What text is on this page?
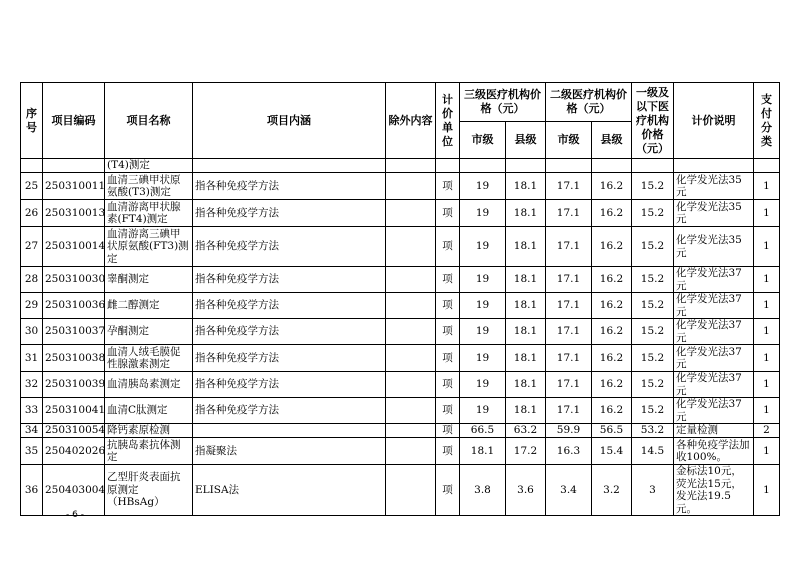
序号	项目编码	项目名称	项目内涵	除外内容	计价单位	三级医疗机构价格（元）		二级医疗机构价格（元）		一级及以下医疗机构价格（元）	计价说明	支付分类
						市级	县级	市级	县级			
		(T4)测定										
25	250310011	血清三碘甲状原氨酸(T3)测定	指各种免疫学方法		项	19	18.1	17.1	16.2	15.2	化学发光法35元	1
26	250310013	血清游离甲状腺素(FT4)测定	指各种免疫学方法		项	19	18.1	17.1	16.2	15.2	化学发光法35元	1
27	250310014	血清游离三碘甲状原氨酸(FT3)测定	指各种免疫学方法		项	19	18.1	17.1	16.2	15.2	化学发光法35元	1
28	250310030	睾酮测定	指各种免疫学方法		项	19	18.1	17.1	16.2	15.2	化学发光法37元	1
29	250310036	雌二醇测定	指各种免疫学方法		项	19	18.1	17.1	16.2	15.2	化学发光法37元	1
30	250310037	孕酮测定	指各种免疫学方法		项	19	18.1	17.1	16.2	15.2	化学发光法37元	1
31	250310038	血清人绒毛膜促性腺激素测定	指各种免疫学方法		项	19	18.1	17.1	16.2	15.2	化学发光法37元	1
32	250310039	血清胰岛素测定	指各种免疫学方法		项	19	18.1	17.1	16.2	15.2	化学发光法37元	1
33	250310041	血清C肽测定	指各种免疫学方法		项	19	18.1	17.1	16.2	15.2	化学发光法37元	1
34	250310054	降钙素原检测			项	66.5	63.2	59.9	56.5	53.2	定量检测	2
35	250402026	抗胰岛素抗体测定	指凝聚法		项	18.1	17.2	16.3	15.4	14.5	各种免疫学法加收100%。	1
36	250403004	乙型肝炎表面抗原测定（HBsAg）	ELISA法		项	3.8	3.6	3.4	3.2	3	金标法10元，荧光法15元，发光法19.5元。	1
- 6 -
